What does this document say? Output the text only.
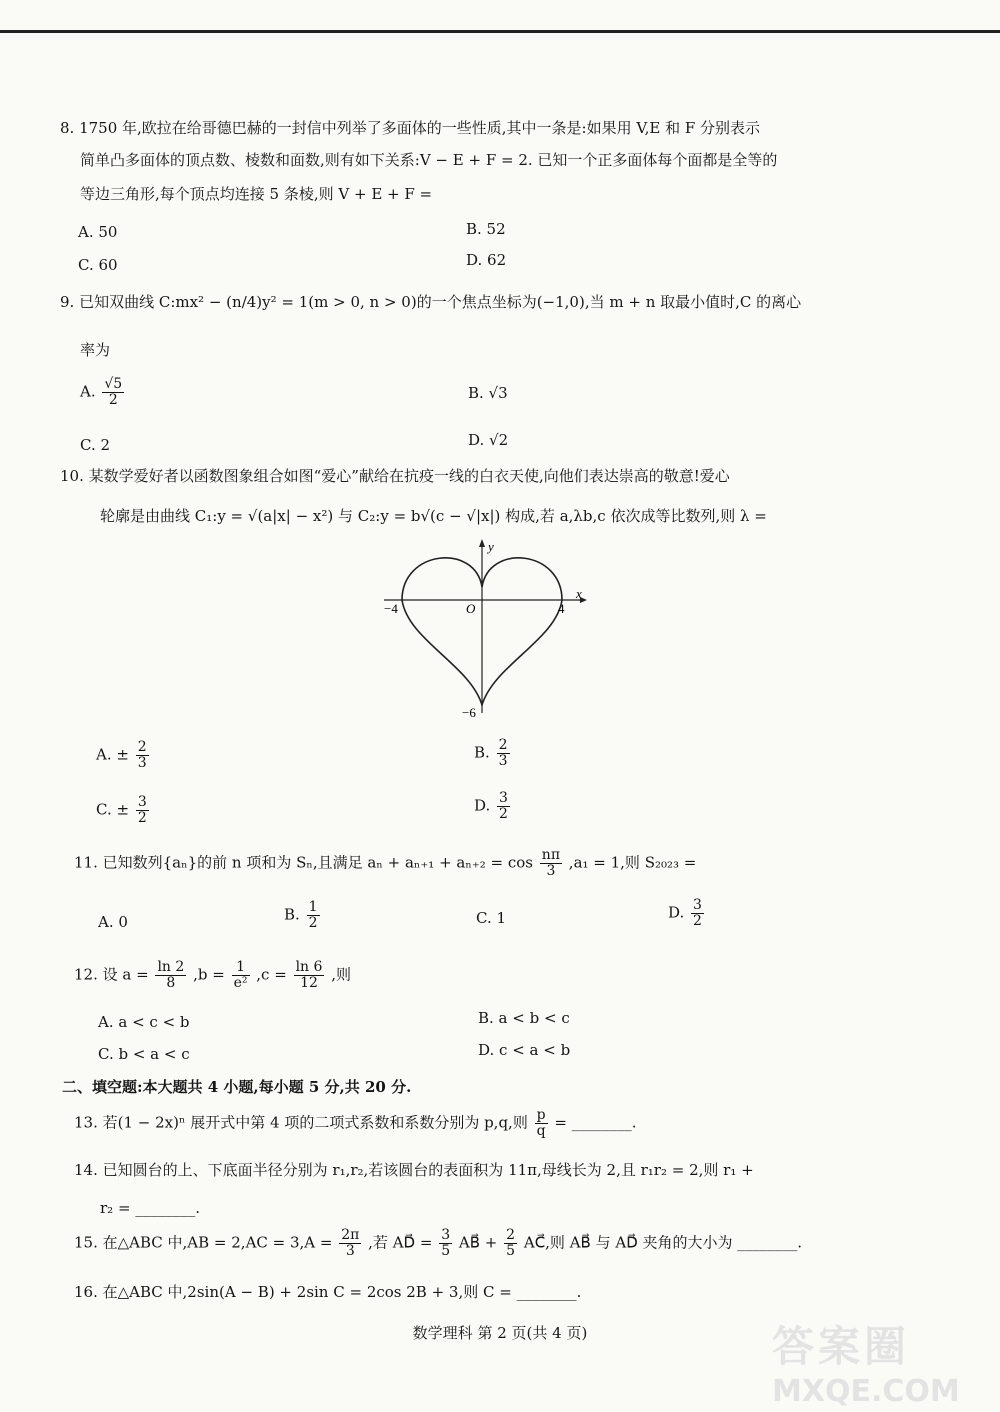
8. 1750 年,欧拉在给哥德巴赫的一封信中列举了多面体的一些性质,其中一条是:如果用 V,E 和 F 分别表示
简单凸多面体的顶点数、棱数和面数,则有如下关系:V − E + F = 2. 已知一个正多面体每个面都是全等的
等边三角形,每个顶点均连接 5 条棱,则 V + E + F =
A. 50	B. 52
C. 60	D. 62
9. 已知双曲线 C:mx² − (n/4)y² = 1(m > 0, n > 0)的一个焦点坐标为(−1,0),当 m + n 取最小值时,C 的离心
率为
A. $\frac{√5}{2}$	B. √3
C. 2	D. √2
10. 某数学爱好者以函数图象组合如图“爱心”献给在抗疫一线的白衣天使,向他们表达崇高的敬意!爱心
轮廓是由曲线 C₁:y = √(a|x| − x²) 与 C₂:y = b√(c − √|x|) 构成,若 a,λb,c 依次成等比数列,则 λ =
y
x
O
−4	4
−6
A. ± $\frac{2}{3}$	B. $\frac{2}{3}$
C. ± $\frac{3}{2}$	D. $\frac{3}{2}$
11. 已知数列{aₙ}的前 n 项和为 Sₙ,且满足 $a_n + a_{n+1} + a_{n+2} = \cos \frac{n\pi}{3} ,a_1 = 1$,则 S₂₀₂₃ =
A. 0	B. $\frac{1}{2}$	C. 1	D. $\frac{3}{2}$
12. 设 $a = \frac{\ln 2}{8} ,b = \frac{1}{\text{e²}} ,c = \frac{\ln 6}{12}$ ,则
A. a < c < b	B. a < b < c
C. b < a < c	D. c < a < b
二、填空题:本大题共 4 小题,每小题 5 分,共 20 分.
13. 若(1 − 2x)ⁿ 展开式中第 4 项的二项式系数和系数分别为 p,q,则 $\frac{p}{q}$ = ________.
14. 已知圆台的上、下底面半径分别为 r₁,r₂,若该圆台的表面积为 11π,母线长为 2,且 r₁r₂ = 2,则 r₁ +
r₂ = ________.
15. 在△ABC 中$,AB = 2,AC = 3,A = \frac{2\pi}{3}$ ,若 AD⃗ = $\frac{3}{5}$ AB⃗ + $\frac{2}{5}$ AC⃗,则 AB⃗ 与 AD⃗ 夹角的大小为 ________.
16. 在△ABC 中,2sin(A − B) + 2sin C = 2cos 2B + 3,则 C = ________.
数学理科 第 2 页(共 4 页)	答案圈
MXQE.COM
